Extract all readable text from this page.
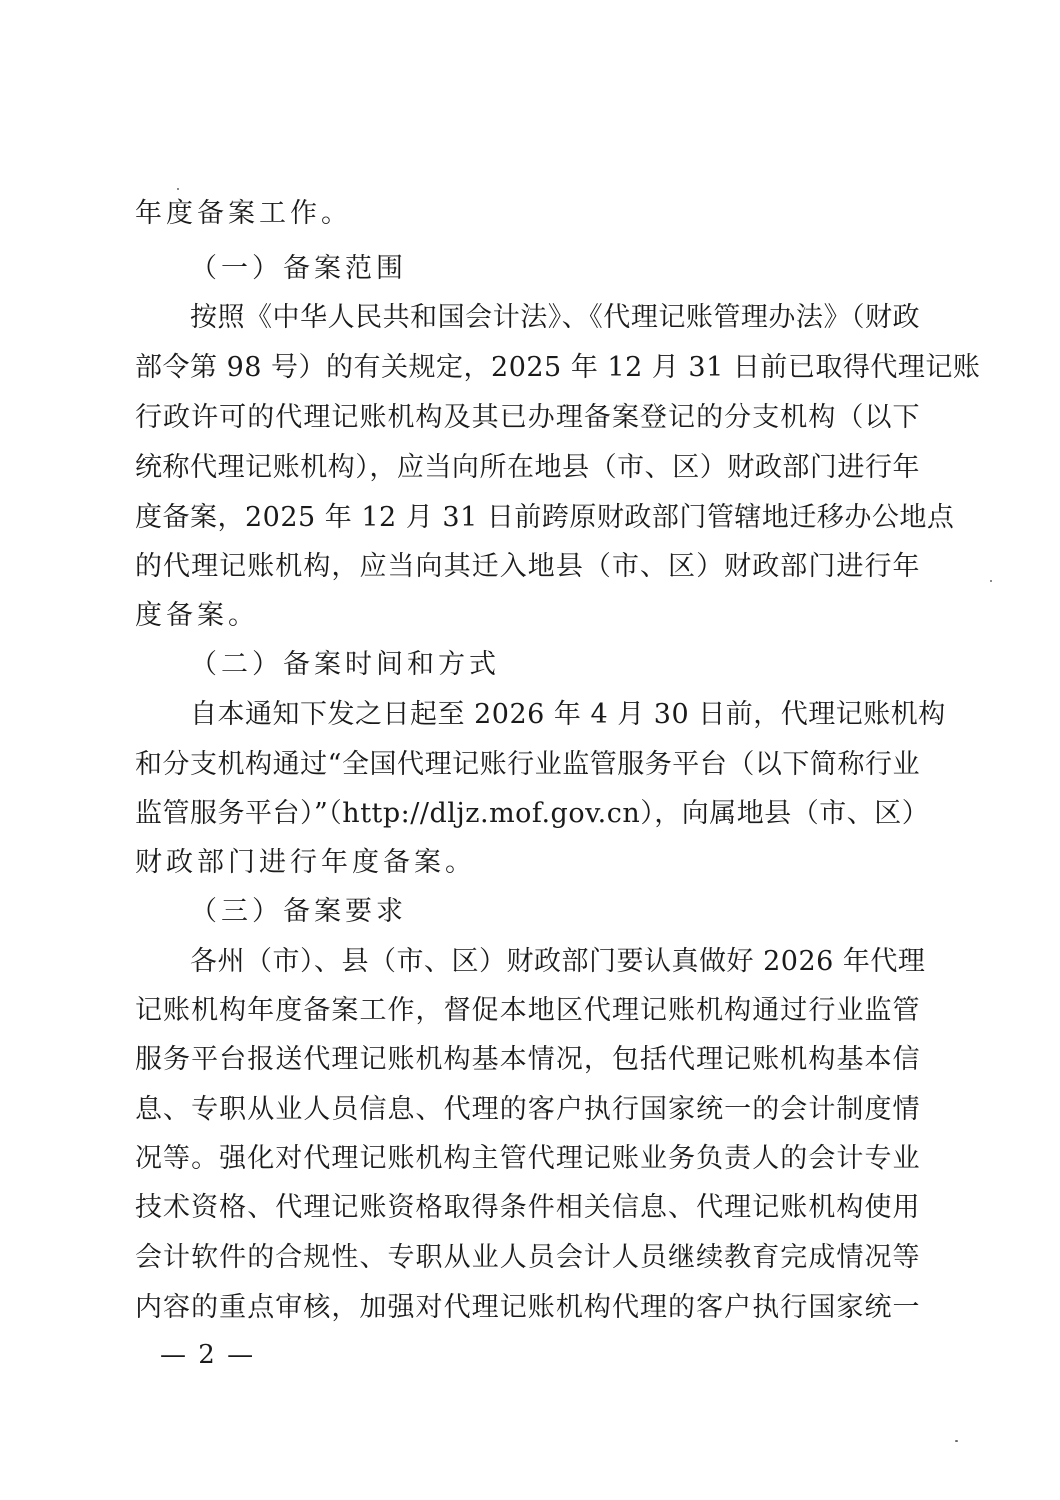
年度备案工作。
（一）备案范围
按照《中华人民共和国会计法》、《代理记账管理办法》（财政
部令第 98 号）的有关规定，2025 年 12 月 31 日前已取得代理记账
行政许可的代理记账机构及其已办理备案登记的分支机构（以下
统称代理记账机构），应当向所在地县（市、区）财政部门进行年
度备案，2025 年 12 月 31 日前跨原财政部门管辖地迁移办公地点
的代理记账机构，应当向其迁入地县（市、区）财政部门进行年
度备案。
（二）备案时间和方式
自本通知下发之日起至 2026 年 4 月 30 日前，代理记账机构
和分支机构通过“全国代理记账行业监管服务平台（以下简称行业
监管服务平台）”（http://dljz.mof.gov.cn），向属地县（市、区）
财政部门进行年度备案。
（三）备案要求
各州（市）、县（市、区）财政部门要认真做好 2026 年代理
记账机构年度备案工作，督促本地区代理记账机构通过行业监管
服务平台报送代理记账机构基本情况，包括代理记账机构基本信
息、专职从业人员信息、代理的客户执行国家统一的会计制度情
况等。强化对代理记账机构主管代理记账业务负责人的会计专业
技术资格、代理记账资格取得条件相关信息、代理记账机构使用
会计软件的合规性、专职从业人员会计人员继续教育完成情况等
内容的重点审核，加强对代理记账机构代理的客户执行国家统一
— 2 —
